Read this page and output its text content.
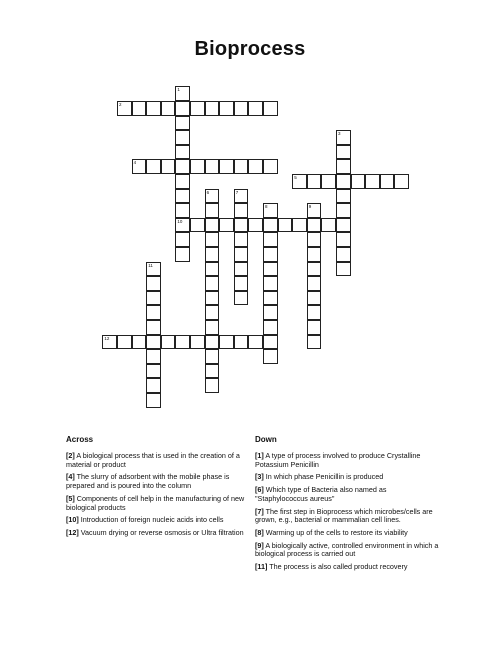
Bioprocess
2
4
5
10
12
1
3
6	7
8	9
11
Across	Down
[2] A biological process that is used in the creation of a material or product
[4] The slurry of adsorbent with the mobile phase is prepared and is poured into the column
[5] Components of cell help in the manufacturing of new biological products
[10] Introduction of foreign nucleic acids into cells
[12] Vacuum drying or reverse osmosis or Ultra filtration
[1] A type of process involved to produce Crystalline Potassium Penicillin
[3] In which phase Penicillin is produced
[6] Which type of Bacteria also named as "Staphylococcus aureus"
[7] The first step in Bioprocess which microbes/cells are grown, e.g., bacterial or mammalian cell lines.
[8] Warming up of the cells to restore its viability
[9] A biologically active, controlled environment in which a biological process is carried out
[11] The process is also called product recovery
